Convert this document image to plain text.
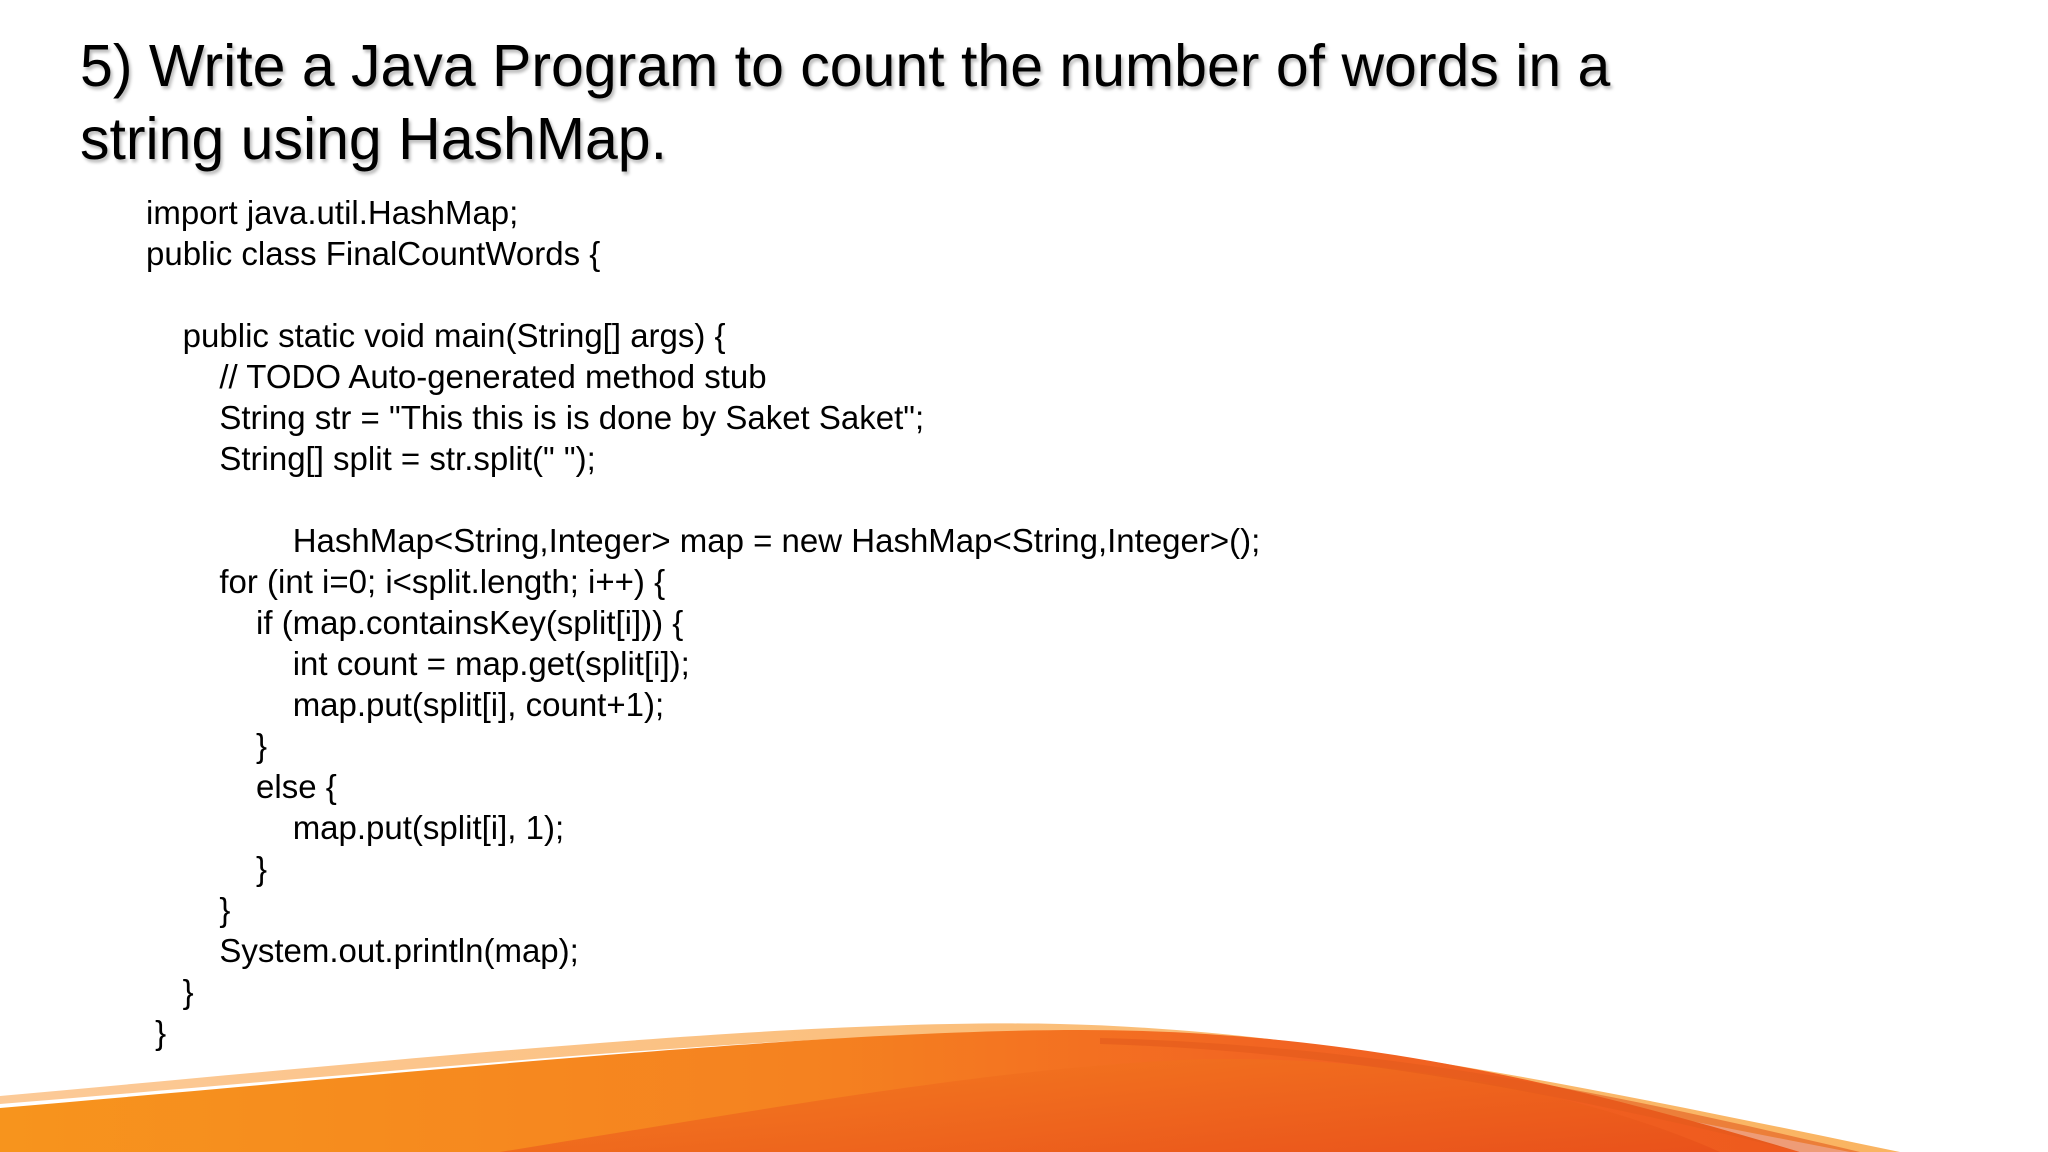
5) Write a Java Program to count the number of words in a
string using HashMap.
import java.util.HashMap;
public class FinalCountWords {
public static void main(String[] args) {
// TODO Auto-generated method stub
String str = "This this is is done by Saket Saket";
String[] split = str.split(" ");
HashMap<String,Integer> map = new HashMap<String,Integer>();
for (int i=0; i<split.length; i++) {
if (map.containsKey(split[i])) {
int count = map.get(split[i]);
map.put(split[i], count+1);
}
else {
map.put(split[i], 1);
}
}
System.out.println(map);
}
}
